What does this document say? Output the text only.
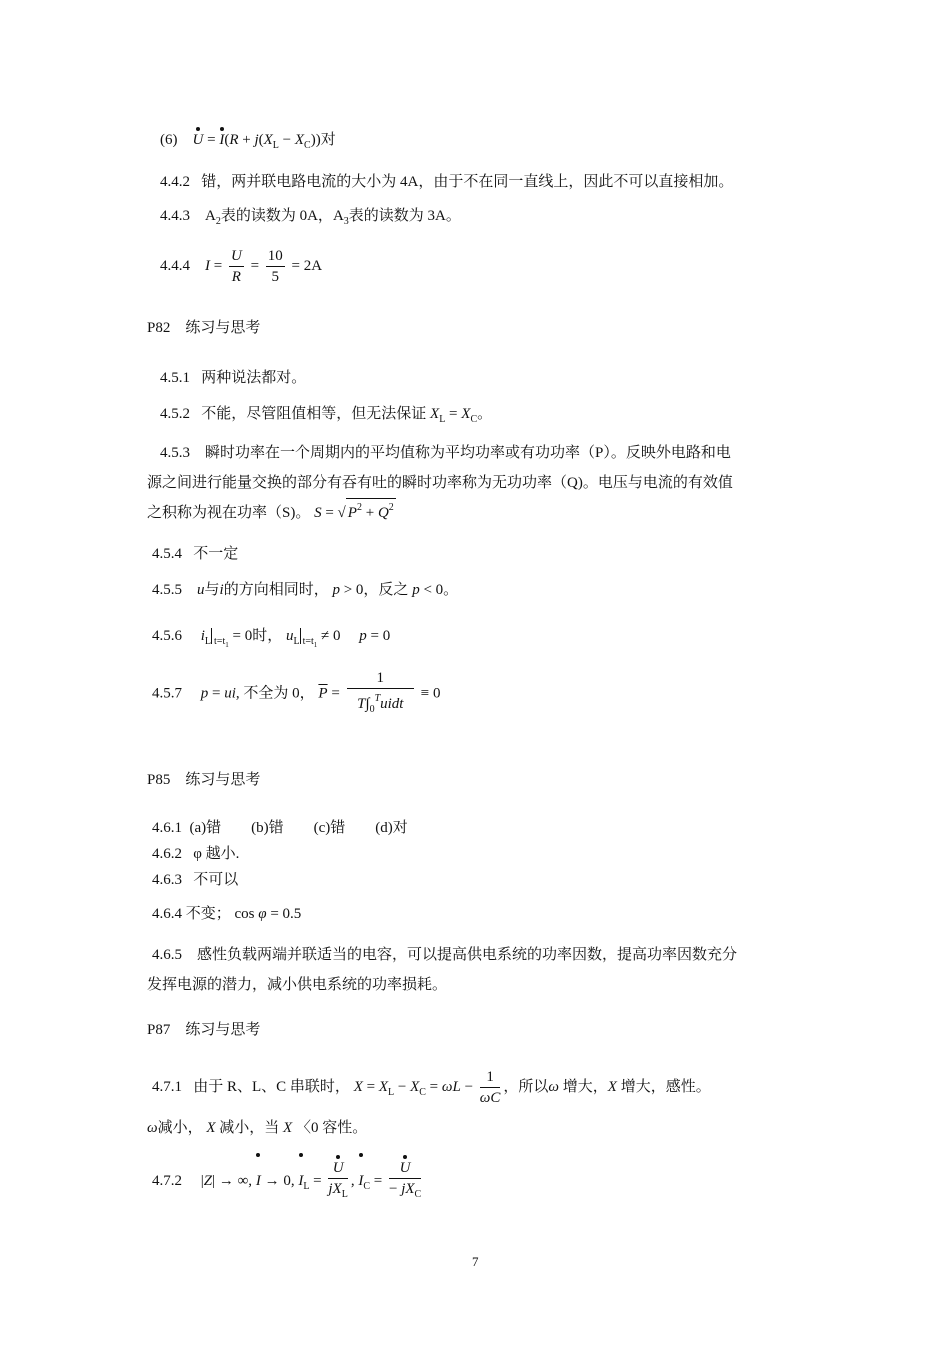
(6) $U = I(R + j(X_L - X_C))$对
4.4.2 错，两并联电路电流的大小为 4A，由于不在同一直线上，因此不可以直接相加。
4.4.3    $A_2$表的读数为 0A，$A_3$表的读数为 3A。
4.4.4 $I = \frac{U}{R} = \frac{10}{5} = 2A$
P82　练习与思考
4.5.1 两种说法都对。
4.5.2 不能，尽管阻值相等，但无法保证 $X_L = X_C$。
4.5.3　瞬时功率在一个周期内的平均值称为平均功率或有功功率（P）。反映外电路和电
源之间进行能量交换的部分有吞有吐的瞬时功率称为无功功率（Q)。电压与电流的有效值
之积称为视在功率（S)。 S = √ $P^2 + Q^2$
4.5.4 不一定
4.5.5 u与i的方向相同时， p > 0，反之 p < 0。
4.5.6 $i_L$ $_{t=t_1}$ = 0时， $u_L$ $_{t=t_1}$ ≠ 0     p = 0
4.5.7 p = ui, 不全为 0， $\overline{P} = \frac{1}{T\int_0^Tuidt} \equiv 0$
P85　练习与思考
4.6.1 (a)错　　(b)错　　(c)错　　(d)对
4.6.2 φ 越小.
4.6.3 不可以
4.6.4 不变； cos φ = 0.5
4.6.5　感性负载两端并联适当的电容，可以提高供电系统的功率因数，提高功率因数充分
发挥电源的潜力，减小供电系统的功率损耗。
P87　练习与思考
4.7.1 由于 R、L、C 串联时， $X = X_L - X_C = \omega L - \frac{1}{\omega C}$ ，所以ω 增大，X 增大，感性。
ω减小， X 减小，当 X 〈0 容性。
4.7.2     |Z| → ∞, I → 0, $I_L = \frac{U}{jX_L}$ , $I_C = \frac{U}{- jX_C}$
7
